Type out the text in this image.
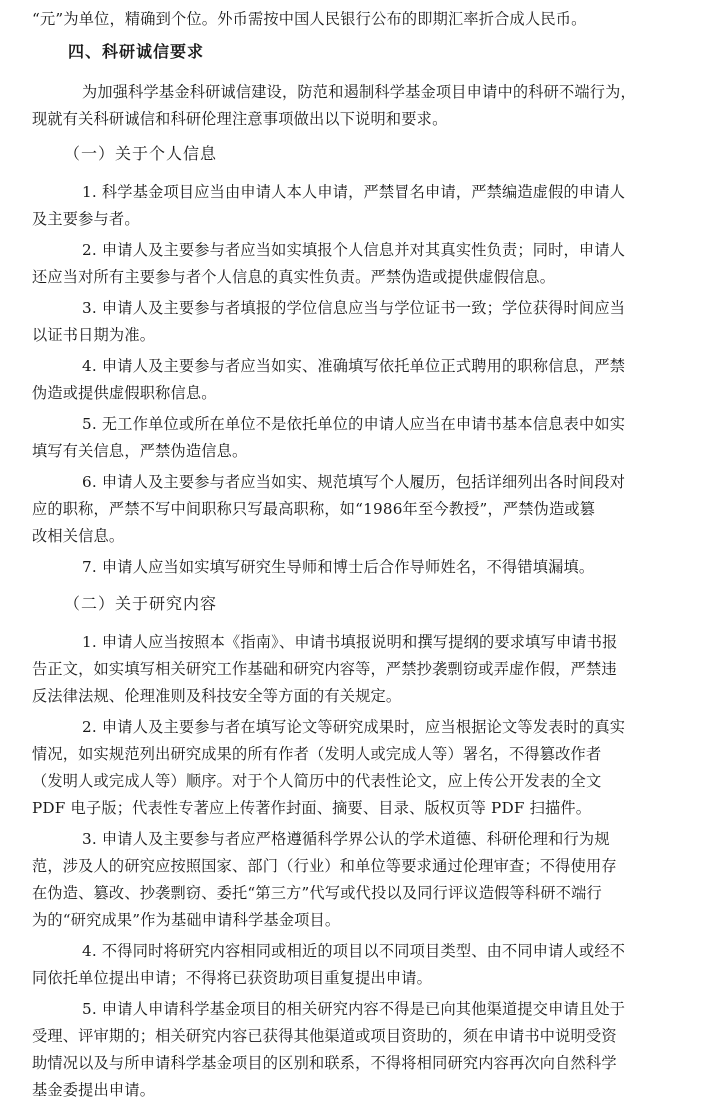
“元”为单位，精确到个位。外币需按中国人民银行公布的即期汇率折合成人民币。

四、科研诚信要求

为加强科学基金科研诚信建设，防范和遏制科学基金项目申请中的科研不端行为，

现就有关科研诚信和科研伦理注意事项做出以下说明和要求。

（一）关于个人信息

1. 科学基金项目应当由申请人本人申请，严禁冒名申请，严禁编造虚假的申请人

及主要参与者。

2. 申请人及主要参与者应当如实填报个人信息并对其真实性负责；同时，申请人

还应当对所有主要参与者个人信息的真实性负责。严禁伪造或提供虚假信息。

3. 申请人及主要参与者填报的学位信息应当与学位证书一致；学位获得时间应当

以证书日期为准。

4. 申请人及主要参与者应当如实、准确填写依托单位正式聘用的职称信息，严禁

伪造或提供虚假职称信息。

5. 无工作单位或所在单位不是依托单位的申请人应当在申请书基本信息表中如实

填写有关信息，严禁伪造信息。

6. 申请人及主要参与者应当如实、规范填写个人履历，包括详细列出各时间段对

应的职称，严禁不写中间职称只写最高职称，如“1986年至今教授”，严禁伪造或篡

改相关信息。

7. 申请人应当如实填写研究生导师和博士后合作导师姓名，不得错填漏填。

（二）关于研究内容

1. 申请人应当按照本《指南》、申请书填报说明和撰写提纲的要求填写申请书报

告正文，如实填写相关研究工作基础和研究内容等，严禁抄袭剽窃或弄虚作假，严禁违

反法律法规、伦理准则及科技安全等方面的有关规定。

2. 申请人及主要参与者在填写论文等研究成果时，应当根据论文等发表时的真实

情况，如实规范列出研究成果的所有作者（发明人或完成人等）署名，不得篡改作者

（发明人或完成人等）顺序。对于个人简历中的代表性论文，应上传公开发表的全文

PDF 电子版；代表性专著应上传著作封面、摘要、目录、版权页等 PDF 扫描件。

3. 申请人及主要参与者应严格遵循科学界公认的学术道德、科研伦理和行为规

范，涉及人的研究应按照国家、部门（行业）和单位等要求通过伦理审查；不得使用存

在伪造、篡改、抄袭剽窃、委托“第三方”代写或代投以及同行评议造假等科研不端行

为的“研究成果”作为基础申请科学基金项目。

4. 不得同时将研究内容相同或相近的项目以不同项目类型、由不同申请人或经不

同依托单位提出申请；不得将已获资助项目重复提出申请。

5. 申请人申请科学基金项目的相关研究内容不得是已向其他渠道提交申请且处于

受理、评审期的；相关研究内容已获得其他渠道或项目资助的，须在申请书中说明受资

助情况以及与所申请科学基金项目的区别和联系，不得将相同研究内容再次向自然科学

基金委提出申请。
